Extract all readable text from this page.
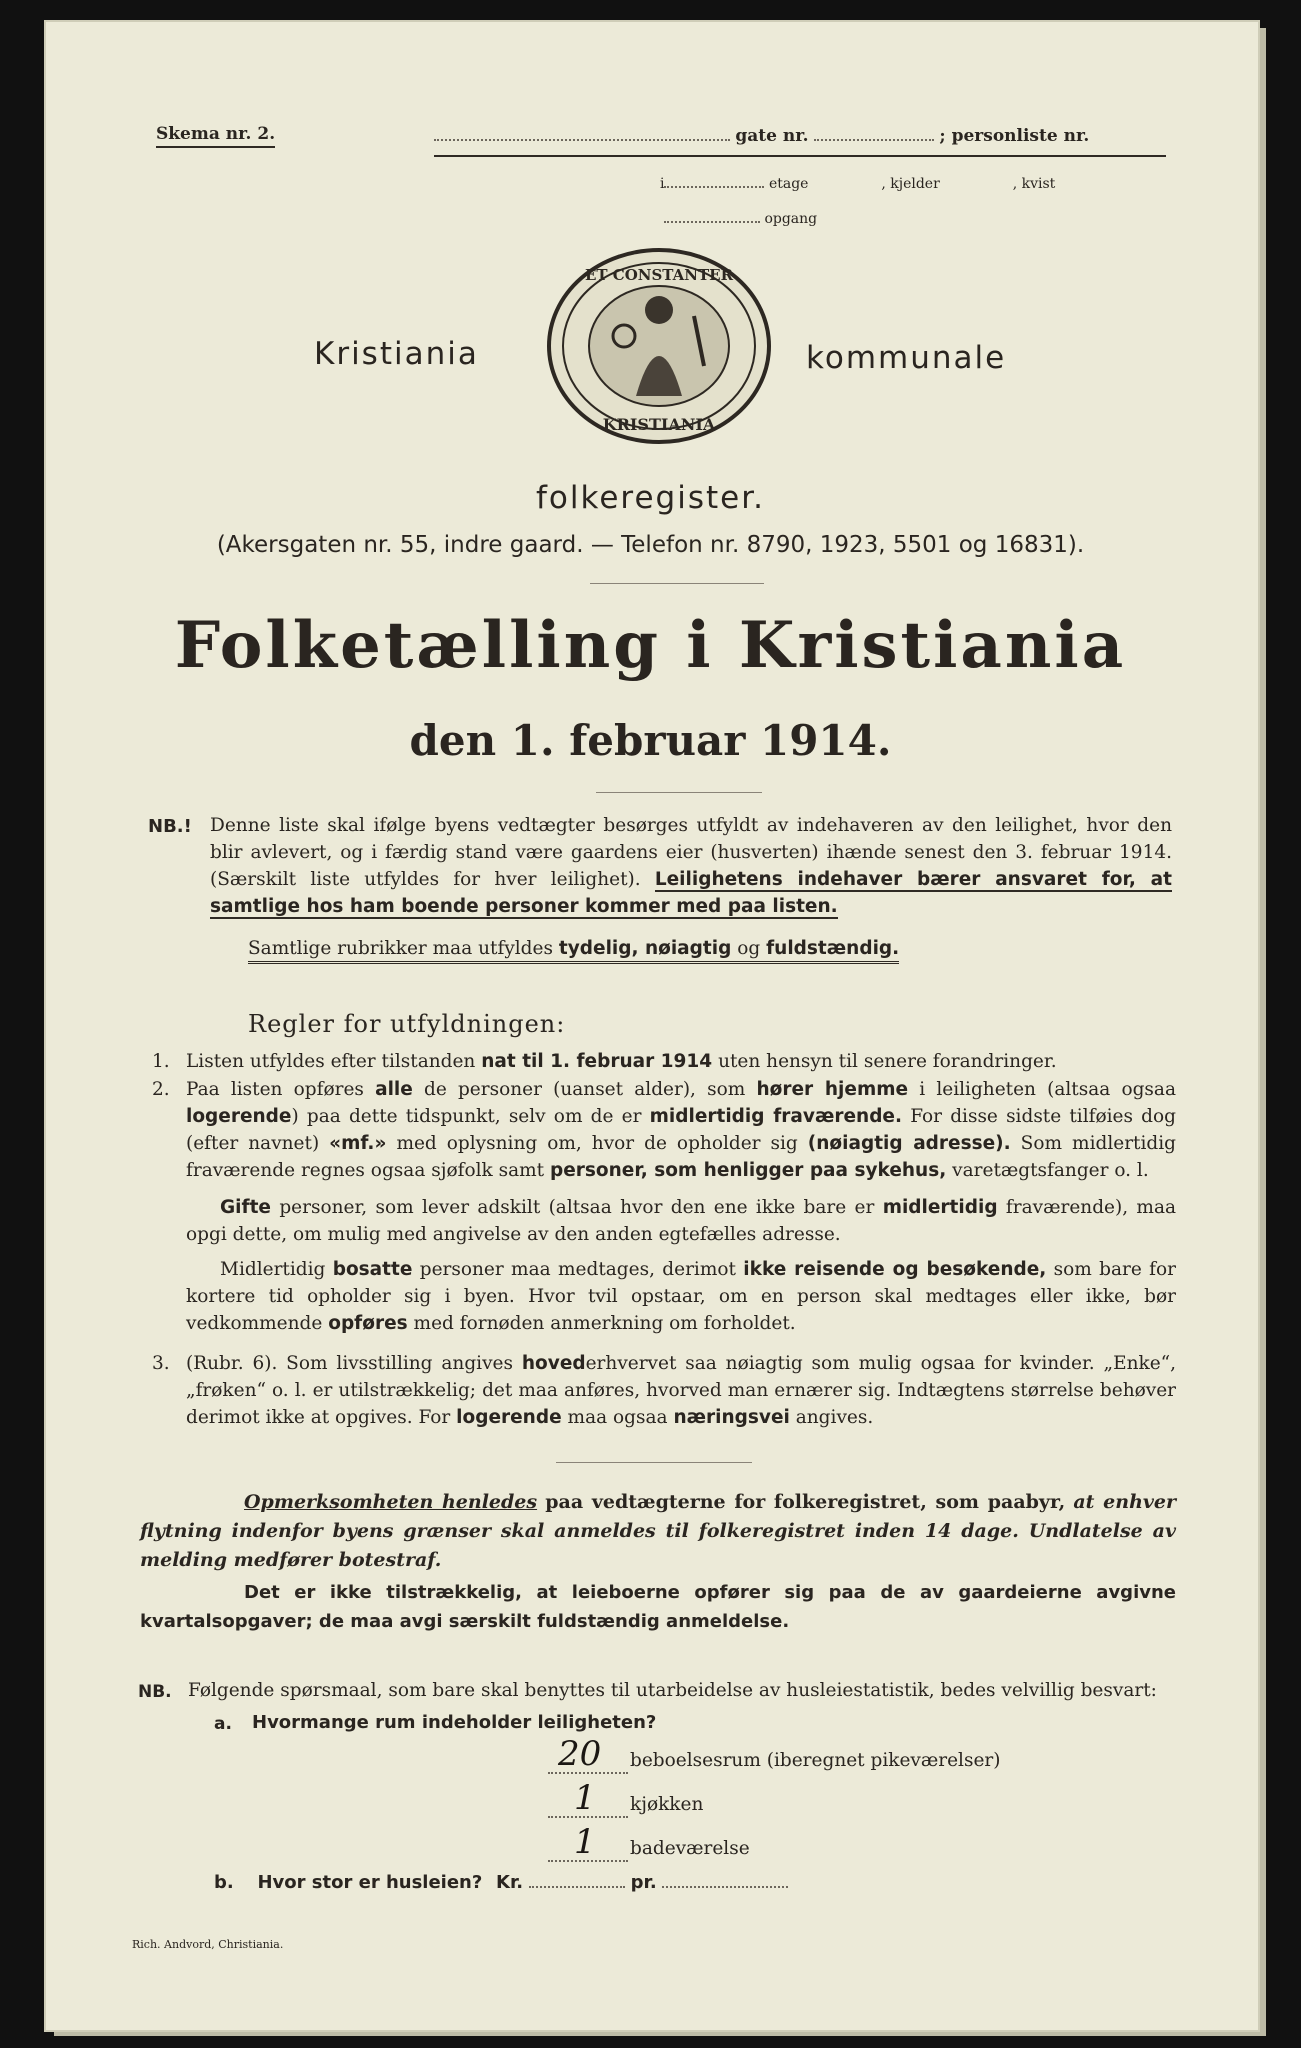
Skema nr. 2.	gate nr.	; personliste nr.
i	etage	, kjelder	, kvist
opgang
Kristiania
ET CONSTANTER
KRISTIANIA
kommunale
folkeregister.
(Akersgaten nr. 55, indre gaard. — Telefon nr. 8790, 1923, 5501 og 16831).
Folketælling i Kristiania
den 1. februar 1914.
NB.! Denne liste skal ifølge byens vedtægter besørges utfyldt av indehaveren av den leilighet, hvor den blir avlevert, og i færdig stand være gaardens eier (husverten) ihænde senest den 3. februar 1914. (Særskilt liste utfyldes for hver leilighet). Leilighetens indehaver bærer ansvaret for, at samtlige hos ham boende personer kommer med paa listen.
Samtlige rubrikker maa utfyldes tydelig, nøiagtig og fuldstændig.
Regler for utfyldningen:
1. Listen utfyldes efter tilstanden nat til 1. februar 1914 uten hensyn til senere forandringer.
2. Paa listen opføres alle de personer (uanset alder), som hører hjemme i leiligheten (altsaa ogsaa logerende) paa dette tidspunkt, selv om de er midlertidig fraværende. For disse sidste tilføies dog (efter navnet) «mf.» med oplysning om, hvor de opholder sig (nøiagtig adresse). Som midlertidig fraværende regnes ogsaa sjøfolk samt personer, som henligger paa sykehus, varetægtsfanger o. l.
Gifte personer, som lever adskilt (altsaa hvor den ene ikke bare er midlertidig fraværende), maa opgi dette, om mulig med angivelse av den anden egtefælles adresse.
Midlertidig bosatte personer maa medtages, derimot ikke reisende og besøkende, som bare for kortere tid opholder sig i byen. Hvor tvil opstaar, om en person skal medtages eller ikke, bør vedkommende opføres med fornøden anmerkning om forholdet.
3. (Rubr. 6). Som livsstilling angives hovederhvervet saa nøiagtig som mulig ogsaa for kvinder. „Enke“, „frøken“ o. l. er utilstrækkelig; det maa anføres, hvorved man ernærer sig. Indtægtens størrelse behøver derimot ikke at opgives. For logerende maa ogsaa næringsvei angives.
Opmerksomheten henledes paa vedtægterne for folkeregistret, som paabyr, at enhver flytning indenfor byens grænser skal anmeldes til folkeregistret inden 14 dage. Undlatelse av melding medfører botestraf.
Det er ikke tilstrækkelig, at leieboerne opfører sig paa de av gaardeierne avgivne kvartalsopgaver; de maa avgi særskilt fuldstændig anmeldelse.
NB. Følgende spørsmaal, som bare skal benyttes til utarbeidelse av husleiestatistik, bedes velvillig besvart:
a. Hvormange rum indeholder leiligheten?
20 beboelsesrum (iberegnet pikeværelser)
1 kjøkken
1 badeværelse
b. Hvor stor er husleien? Kr.	pr.
Rich. Andvord, Christiania.
